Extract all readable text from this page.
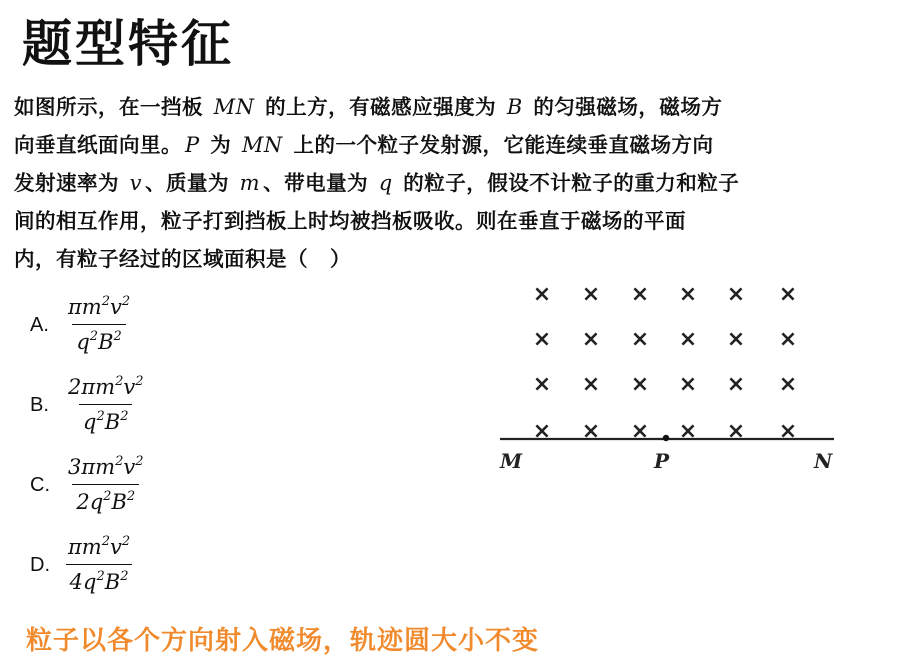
题型特征
如图所示，在一挡板 MN 的上方，有磁感应强度为 B 的匀强磁场，磁场方
向垂直纸面向里。 P 为 MN 上的一个粒子发射源，它能连续垂直磁场方向
发射速率为 v 、质量为 m 、带电量为 q 的粒子，假设不计粒子的重力和粒子
间的相互作用，粒子打到挡板上时均被挡板吸收。则在垂直于磁场的平面
内，有粒子经过的区域面积是（ ）
A. $\frac{\pi m^2v^2}{q^2B^2}$
B. $\frac{2\pi m^2v^2}{q^2B^2}$
C. $\frac{3\pi m^2v^2}{2q^2B^2}$
D. $\frac{\pi m^2v^2}{4q^2B^2}$
× × × × × ×
× × × × × ×
× × × × × ×
× × × × × ×
M	P	N
粒子以各个方向射入磁场，轨迹圆大小不变
